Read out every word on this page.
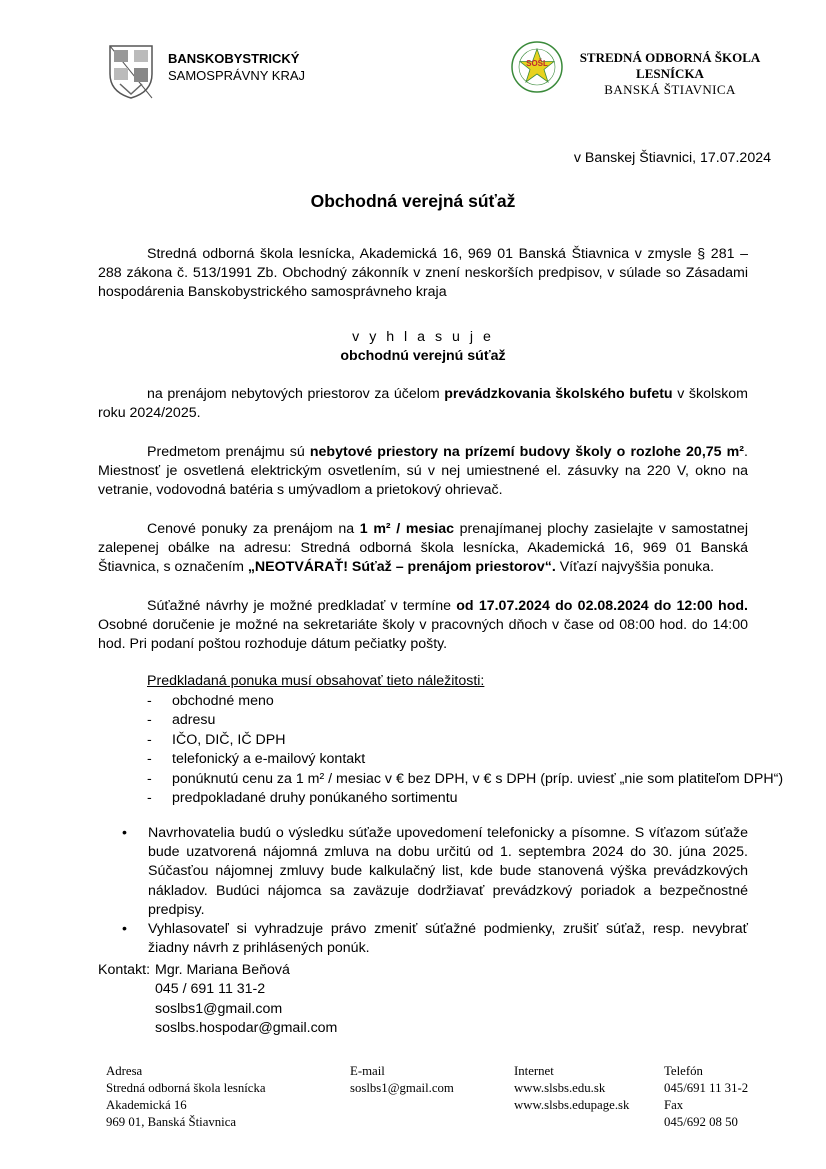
BANSKOBYSTRICKÝ
SAMOSPRÁVNY KRAJ
SOŠL	STREDNÁ ODBORNÁ ŠKOLA
LESNÍCKA
BANSKÁ ŠTIAVNICA
v Banskej Štiavnici, 17.07.2024
Obchodná verejná súťaž
Stredná odborná škola lesnícka, Akademická 16, 969 01 Banská Štiavnica v zmysle § 281 – 288 zákona č. 513/1991 Zb. Obchodný zákonník v znení neskorších predpisov, v súlade so Zásadami hospodárenia Banskobystrického samosprávneho kraja
v y h l a s u j e
obchodnú verejnú súťaž
na prenájom nebytových priestorov za účelom prevádzkovania školského bufetu v školskom roku 2024/2025.
Predmetom prenájmu sú nebytové priestory na prízemí budovy školy o rozlohe 20,75 m². Miestnosť je osvetlená elektrickým osvetlením, sú v nej umiestnené el. zásuvky na 220 V, okno na vetranie, vodovodná batéria s umývadlom a prietokový ohrievač.
Cenové ponuky za prenájom na 1 m² / mesiac prenajímanej plochy zasielajte v samostatnej zalepenej obálke na adresu: Stredná odborná škola lesnícka, Akademická 16, 969 01 Banská Štiavnica, s označením „NEOTVÁRAŤ! Súťaž – prenájom priestorov“. Víťazí najvyššia ponuka.
Súťažné návrhy je možné predkladať v termíne od 17.07.2024 do 02.08.2024 do 12:00 hod. Osobné doručenie je možné na sekretariáte školy v pracovných dňoch v čase od 08:00 hod. do 14:00 hod. Pri podaní poštou rozhoduje dátum pečiatky pošty.
Predkladaná ponuka musí obsahovať tieto náležitosti:
- obchodné meno
- adresu
- IČO, DIČ, IČ DPH
- telefonický a e-mailový kontakt
- ponúknutú cenu za 1 m² / mesiac v € bez DPH, v € s DPH (príp. uviesť „nie som platiteľom DPH“)
- predpokladané druhy ponúkaného sortimentu
• Navrhovatelia budú o výsledku súťaže upovedomení telefonicky a písomne. S víťazom súťaže bude uzatvorená nájomná zmluva na dobu určitú od 1. septembra 2024 do 30. júna 2025. Súčasťou nájomnej zmluvy bude kalkulačný list, kde bude stanovená výška prevádzkových nákladov. Budúci nájomca sa zaväzuje dodržiavať prevádzkový poriadok a bezpečnostné predpisy.
• Vyhlasovateľ si vyhradzuje právo zmeniť súťažné podmienky, zrušiť súťaž, resp. nevybrať žiadny návrh z prihlásených ponúk.
Kontakt: Mgr. Mariana Beňová
045 / 691 11 31-2
soslbs1@gmail.com
soslbs.hospodar@gmail.com
Adresa
Stredná odborná škola lesnícka
Akademická 16
969 01, Banská Štiavnica
E-mail
soslbs1@gmail.com
Internet
www.slsbs.edu.sk
www.slsbs.edupage.sk
Telefón
045/691 11 31-2
Fax
045/692 08 50
